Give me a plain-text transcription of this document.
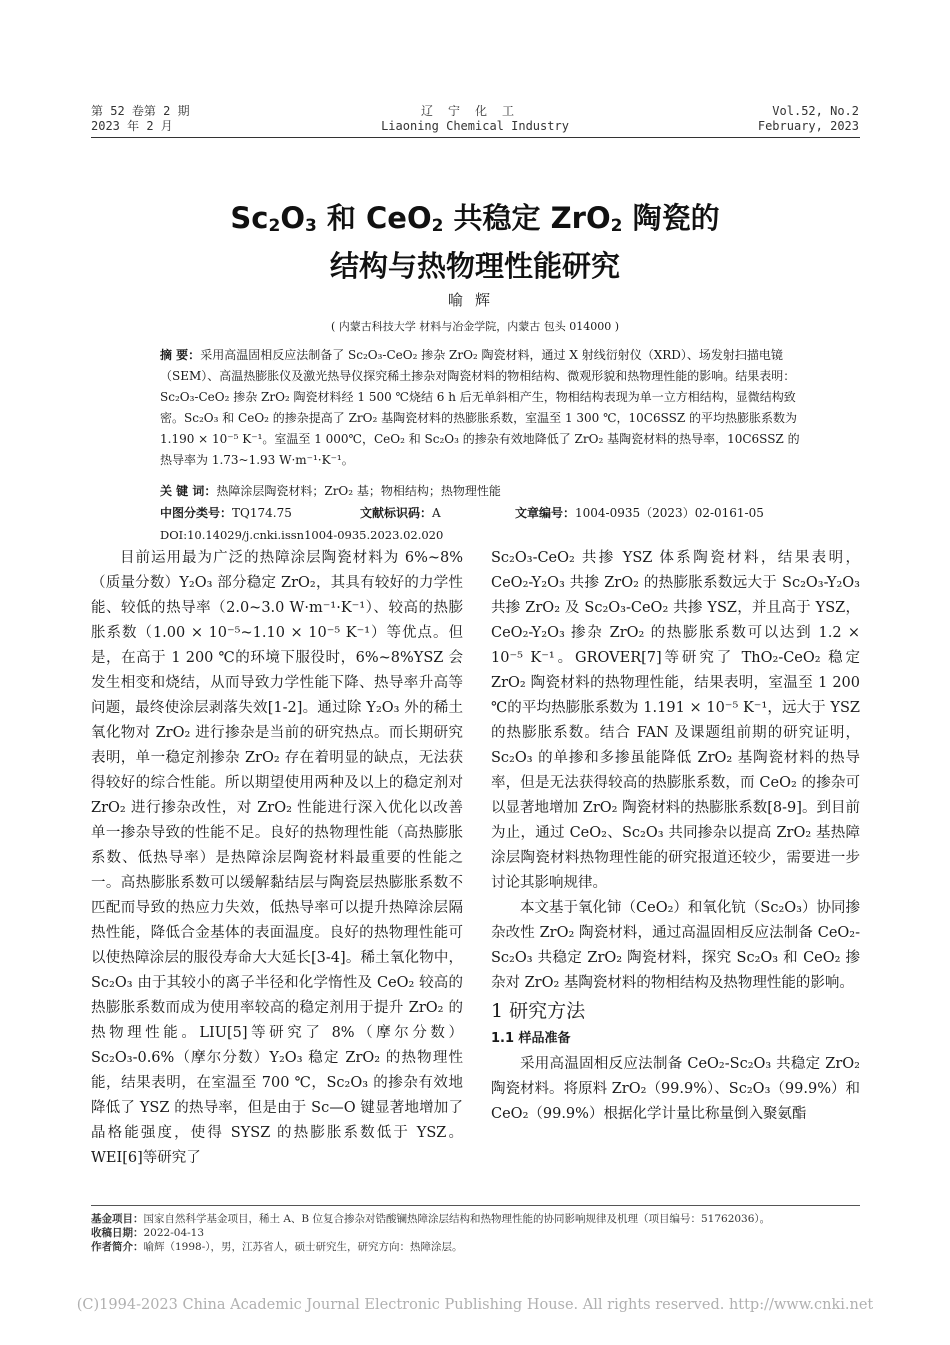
第 52 卷第 2 期
2023 年 2 月
辽宁化工
Liaoning Chemical Industry
Vol.52, No.2
February, 2023
$Sc_2O_3$ 和 CeO$_2$ 共稳定 ZrO$_2$ 陶瓷的
结构与热物理性能研究
喻辉
( 内蒙古科技大学 材料与冶金学院，内蒙古 包头 014000 )
摘 要：采用高温固相反应法制备了 Sc₂O₃-CeO₂ 掺杂 ZrO₂ 陶瓷材料，通过 X 射线衍射仪（XRD）、场发射扫描电镜（SEM）、高温热膨胀仪及激光热导仪探究稀土掺杂对陶瓷材料的物相结构、微观形貌和热物理性能的影响。结果表明：Sc₂O₃-CeO₂ 掺杂 ZrO₂ 陶瓷材料经 1 500 ℃烧结 6 h 后无单斜相产生，物相结构表现为单一立方相结构，显微结构致密。Sc₂O₃ 和 CeO₂ 的掺杂提高了 ZrO₂ 基陶瓷材料的热膨胀系数，室温至 1 300 ℃，10C6SSZ 的平均热膨胀系数为 1.190 × 10⁻⁵ K⁻¹。室温至 1 000℃，CeO₂ 和 Sc₂O₃ 的掺杂有效地降低了 ZrO₂ 基陶瓷材料的热导率，10C6SSZ 的热导率为 1.73~1.93 W·m⁻¹·K⁻¹。
关 键 词：热障涂层陶瓷材料；ZrO₂ 基；物相结构；热物理性能
中图分类号：TQ174.75	文献标识码：A	文章编号：1004-0935（2023）02-0161-05
DOI:10.14029/j.cnki.issn1004-0935.2023.02.020

目前运用最为广泛的热障涂层陶瓷材料为 6%~8%（质量分数）Y₂O₃ 部分稳定 ZrO₂，其具有较好的力学性能、较低的热导率（2.0~3.0 W·m⁻¹·K⁻¹）、较高的热膨胀系数（1.00 × 10⁻⁵~1.10 × 10⁻⁵ K⁻¹）等优点。但是，在高于 1 200 ℃的环境下服役时，6%~8%YSZ 会发生相变和烧结，从而导致力学性能下降、热导率升高等问题，最终使涂层剥落失效[1-2]。通过除 Y₂O₃ 外的稀土氧化物对 ZrO₂ 进行掺杂是当前的研究热点。而长期研究表明，单一稳定剂掺杂 ZrO₂ 存在着明显的缺点，无法获得较好的综合性能。所以期望使用两种及以上的稳定剂对 ZrO₂ 进行掺杂改性，对 ZrO₂ 性能进行深入优化以改善单一掺杂导致的性能不足。良好的热物理性能（高热膨胀系数、低热导率）是热障涂层陶瓷材料最重要的性能之一。高热膨胀系数可以缓解黏结层与陶瓷层热膨胀系数不匹配而导致的热应力失效，低热导率可以提升热障涂层隔热性能，降低合金基体的表面温度。良好的热物理性能可以使热障涂层的服役寿命大大延长[3-4]。稀土氧化物中，Sc₂O₃ 由于其较小的离子半径和化学惰性及 CeO₂ 较高的热膨胀系数而成为使用率较高的稳定剂用于提升 ZrO₂ 的热物理性能。LIU[5]等研究了 8%（摩尔分数）Sc₂O₃-0.6%（摩尔分数）Y₂O₃ 稳定 ZrO₂ 的热物理性能，结果表明，在室温至 700 ℃，Sc₂O₃ 的掺杂有效地降低了 YSZ 的热导率，但是由于 Sc—O 键显著地增加了晶格能强度，使得 SYSZ 的热膨胀系数低于 YSZ。WEI[6]等研究了

Sc₂O₃-CeO₂ 共掺 YSZ 体系陶瓷材料，结果表明，CeO₂-Y₂O₃ 共掺 ZrO₂ 的热膨胀系数远大于 Sc₂O₃-Y₂O₃ 共掺 ZrO₂ 及 Sc₂O₃-CeO₂ 共掺 YSZ，并且高于 YSZ，CeO₂-Y₂O₃ 掺杂 ZrO₂ 的热膨胀系数可以达到 1.2 × 10⁻⁵ K⁻¹。GROVER[7]等研究了 ThO₂-CeO₂ 稳定 ZrO₂ 陶瓷材料的热物理性能，结果表明，室温至 1 200 ℃的平均热膨胀系数为 1.191 × 10⁻⁵ K⁻¹，远大于 YSZ 的热膨胀系数。结合 FAN 及课题组前期的研究证明，Sc₂O₃ 的单掺和多掺虽能降低 ZrO₂ 基陶瓷材料的热导率，但是无法获得较高的热膨胀系数，而 CeO₂ 的掺杂可以显著地增加 ZrO₂ 陶瓷材料的热膨胀系数[8-9]。到目前为止，通过 CeO₂、Sc₂O₃ 共同掺杂以提高 ZrO₂ 基热障涂层陶瓷材料热物理性能的研究报道还较少，需要进一步讨论其影响规律。

本文基于氧化铈（CeO₂）和氧化钪（Sc₂O₃）协同掺杂改性 ZrO₂ 陶瓷材料，通过高温固相反应法制备 CeO₂-Sc₂O₃ 共稳定 ZrO₂ 陶瓷材料，探究 Sc₂O₃ 和 CeO₂ 掺杂对 ZrO₂ 基陶瓷材料的物相结构及热物理性能的影响。

1 研究方法

1.1 样品准备

采用高温固相反应法制备 CeO₂-Sc₂O₃ 共稳定 ZrO₂ 陶瓷材料。将原料 ZrO₂（99.9%）、Sc₂O₃（99.9%）和 CeO₂（99.9%）根据化学计量比称量倒入聚氨酯

基金项目：国家自然科学基金项目，稀土 A、B 位复合掺杂对锆酸镧热障涂层结构和热物理性能的协同影响规律及机理（项目编号：51762036）。
收稿日期：2022-04-13
作者简介：喻辉（1998-），男，江苏省人，硕士研究生，研究方向：热障涂层。
(C)1994-2023 China Academic Journal Electronic Publishing House. All rights reserved. http://www.cnki.net
